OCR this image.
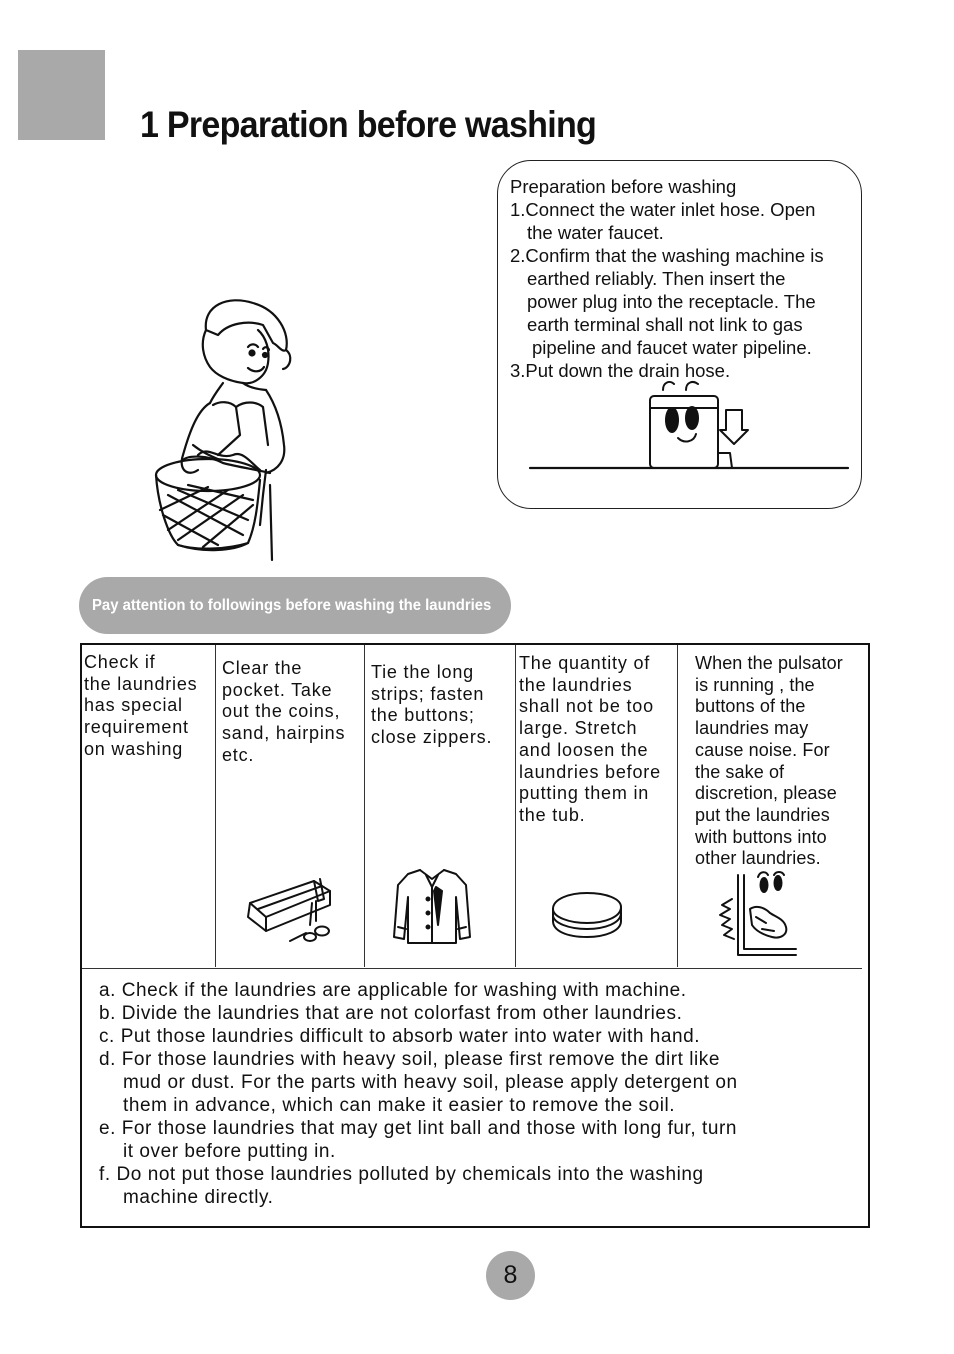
1 Preparation before washing
Preparation before washing
1.Connect the water inlet hose. Open
the water faucet.
2.Confirm that the washing machine is
earthed reliably. Then insert the
power plug into the receptacle. The
earth terminal shall not link to gas
pipeline and faucet water pipeline.
3.Put down the drain hose.
Pay attention to followings before washing the laundries
Check if
the laundries
has special
requirement
on washing
Clear the
pocket. Take
out the coins,
sand, hairpins
etc.
Tie the long
strips; fasten
the buttons;
close zippers.
The quantity of
the laundries
shall not be too
large. Stretch
and loosen the
laundries before
putting them in
the tub.
When the pulsator
is running , the
buttons of the
laundries may
cause noise. For
the sake of
discretion, please
put the laundries
with buttons into
other laundries.
a. Check if the laundries are applicable for washing with machine.
b. Divide the laundries that are not colorfast from other laundries.
c. Put those laundries difficult to absorb water into water with hand.
d. For those laundries with heavy soil, please first remove the dirt like
mud or dust. For the parts with heavy soil, please apply detergent on
them in advance, which can make it easier to remove the soil.
e. For those laundries that may get lint ball and those with long fur, turn
it over before putting in.
f. Do not put those laundries polluted by chemicals into the washing
machine directly.
8
